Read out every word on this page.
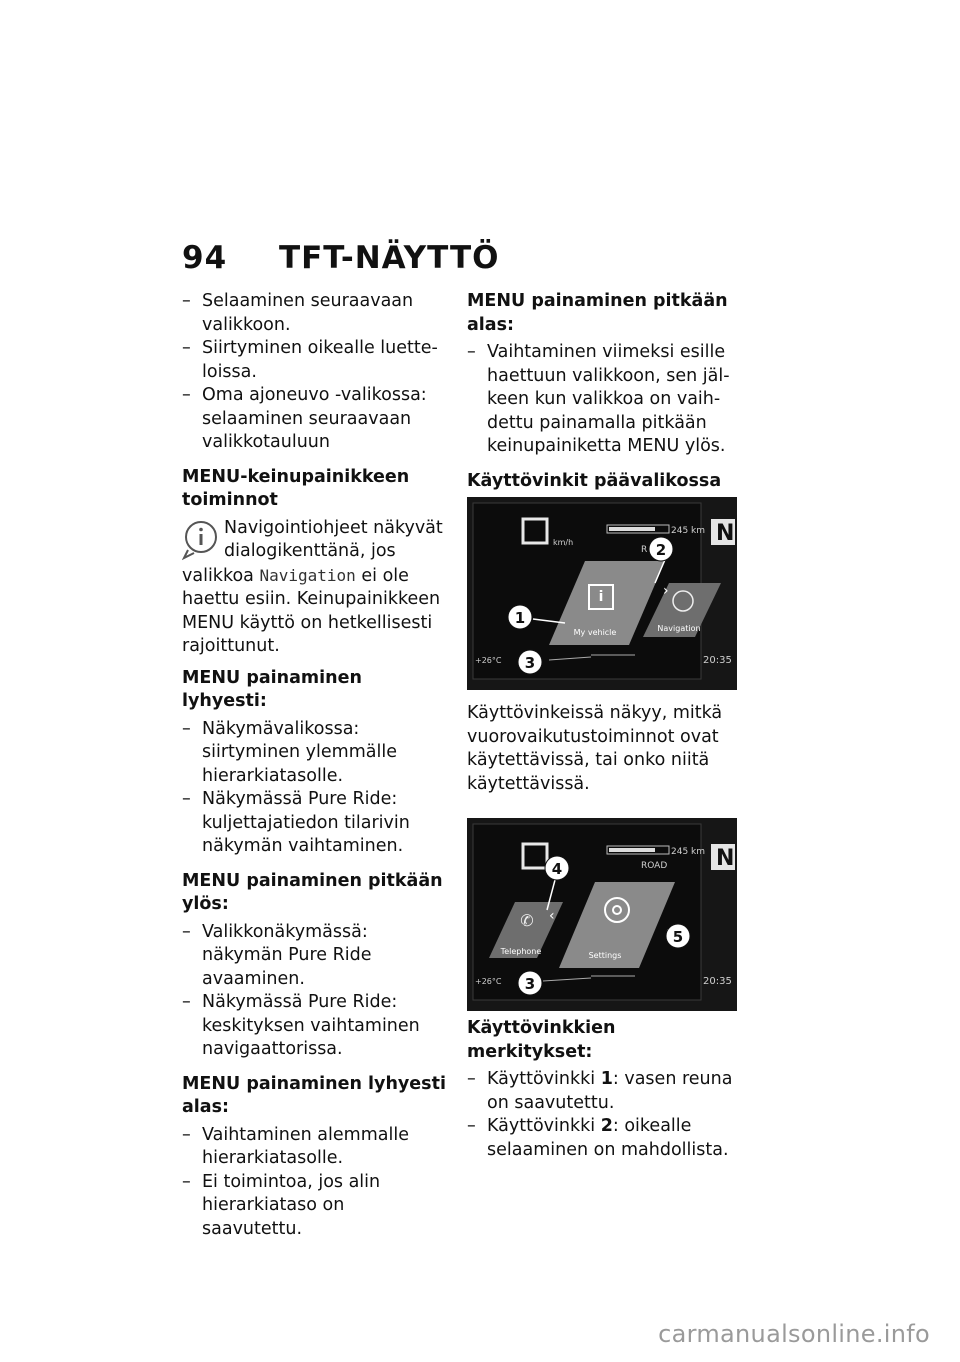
94 TFT-NÄYTTÖ
– Selaaminen seuraavaan valikkoon.
– Siirtyminen oikealle luetteloissa.
– Oma ajoneuvo -valikossa: selaaminen seuraavaan valikkotauluun
MENU-keinupainikkeen toiminnot
Navigointiohjeet näkyvät dialogikenttänä, jos valikkoa Navigation ei ole haettu esiin. Keinupainikkeen MENU käyttö on hetkellisesti rajoittunut.
MENU painaminen lyhyesti:
– Näkymävalikossa: siirtyminen ylemmälle hierarkiatasolle.
– Näkymässä Pure Ride: kuljettajatiedon tilarivin näkymän vaihtaminen.
MENU painaminen pitkään ylös:
– Valikkonäkymässä: näkymän Pure Ride avaaminen.
– Näkymässä Pure Ride: keskityksen vaihtaminen navigaattorissa.
MENU painaminen lyhyesti alas:
– Vaihtaminen alemmalle hierarkiatasolle.
– Ei toimintoa, jos alin hierarkiataso on saavutettu.
MENU painaminen pitkään alas:
– Vaihtaminen viimeksi esille haettuun valikkoon, sen jälkeen kun valikkoa on vaihdettu painamalla pitkään keinupainiketta MENU ylös.
Käyttövinkit päävalikossa
km/h
245 km
R
N
i
My vehicle	Navigation
›
+26°C	20:35
1
2
3
Käyttövinkeissä näkyy, mitkä vuorovaikutustoiminnot ovat käytettävissä, tai onko niitä käytettävissä.
245 km
ROAD N
✆
Telephone
‹
Settings
+26°C	20:35
3
4
5
Käyttövinkkien merkitykset:
– Käyttövinkki 1: vasen reuna on saavutettu.
– Käyttövinkki 2: oikealle selaaminen on mahdollista.
carmanualsonline.info
